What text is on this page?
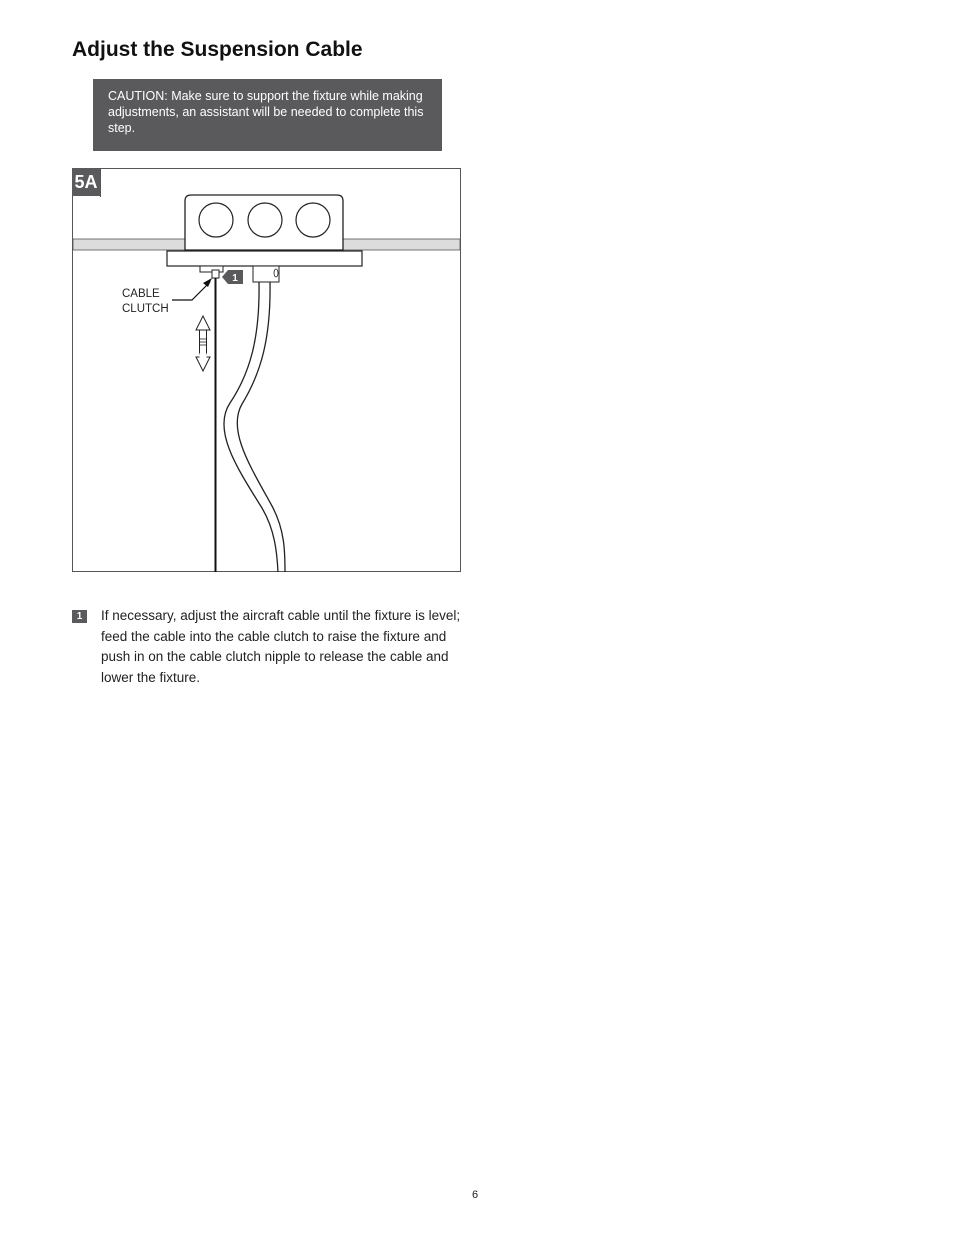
Adjust the Suspension Cable
CAUTION: Make sure to support the fixture while making adjustments, an assistant will be needed to complete this step.
5A
1
CABLE
CLUTCH
1	If necessary, adjust the aircraft cable until the fixture is level; feed the cable into the cable clutch to raise the fixture and push in on the cable clutch nipple to release the cable and lower the fixture.
6
